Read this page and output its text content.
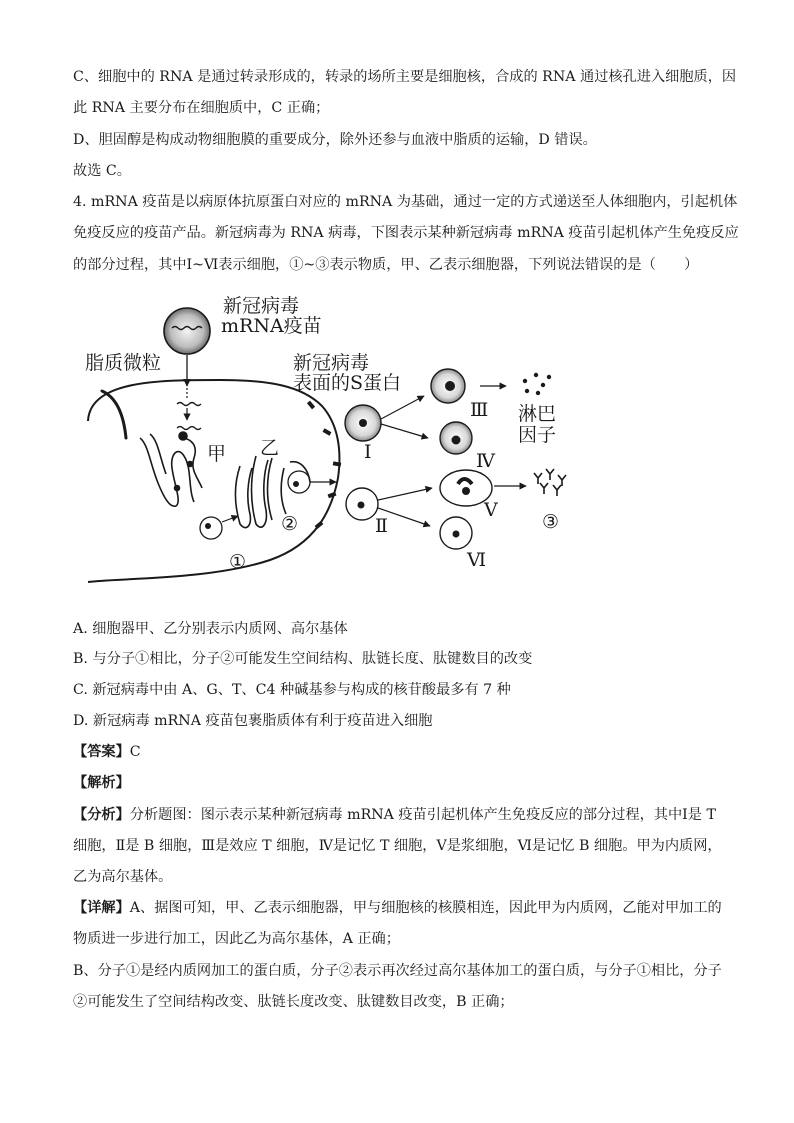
C、细胞中的 RNA 是通过转录形成的，转录的场所主要是细胞核，合成的 RNA 通过核孔进入细胞质，因

此 RNA 主要分布在细胞质中，C 正确；

D、胆固醇是构成动物细胞膜的重要成分，除外还参与血液中脂质的运输，D 错误。

故选 C。

4. mRNA 疫苗是以病原体抗原蛋白对应的 mRNA 为基础，通过一定的方式递送至人体细胞内，引起机体

免疫反应的疫苗产品。新冠病毒为 RNA 病毒，下图表示某种新冠病毒 mRNA 疫苗引起机体产生免疫反应

的部分过程，其中Ⅰ~Ⅵ表示细胞，①~③表示物质，甲、乙表示细胞器，下列说法错误的是（　　）

新冠病毒
mRNA疫苗
脂质微粒
甲 乙
①
②
新冠病毒
表面的S蛋白
Ⅰ
Ⅲ 淋巴
因子
Ⅳ
Ⅱ
Ⅴ
③
Ⅵ

A. 细胞器甲、乙分别表示内质网、高尔基体

B. 与分子①相比，分子②可能发生空间结构、肽链长度、肽键数目的改变

C. 新冠病毒中由 A、G、T、C4 种碱基参与构成的核苷酸最多有 7 种

D. 新冠病毒 mRNA 疫苗包裹脂质体有利于疫苗进入细胞

【答案】C

【解析】

【分析】分析题图：图示表示某种新冠病毒 mRNA 疫苗引起机体产生免疫反应的部分过程，其中Ⅰ是 T

细胞，Ⅱ是 B 细胞，Ⅲ是效应 T 细胞，Ⅳ是记忆 T 细胞，Ⅴ是浆细胞，Ⅵ是记忆 B 细胞。甲为内质网，

乙为高尔基体。

【详解】A、据图可知，甲、乙表示细胞器，甲与细胞核的核膜相连，因此甲为内质网，乙能对甲加工的

物质进一步进行加工，因此乙为高尔基体，A 正确；

B、分子①是经内质网加工的蛋白质，分子②表示再次经过高尔基体加工的蛋白质，与分子①相比，分子

②可能发生了空间结构改变、肽链长度改变、肽键数目改变，B 正确；
